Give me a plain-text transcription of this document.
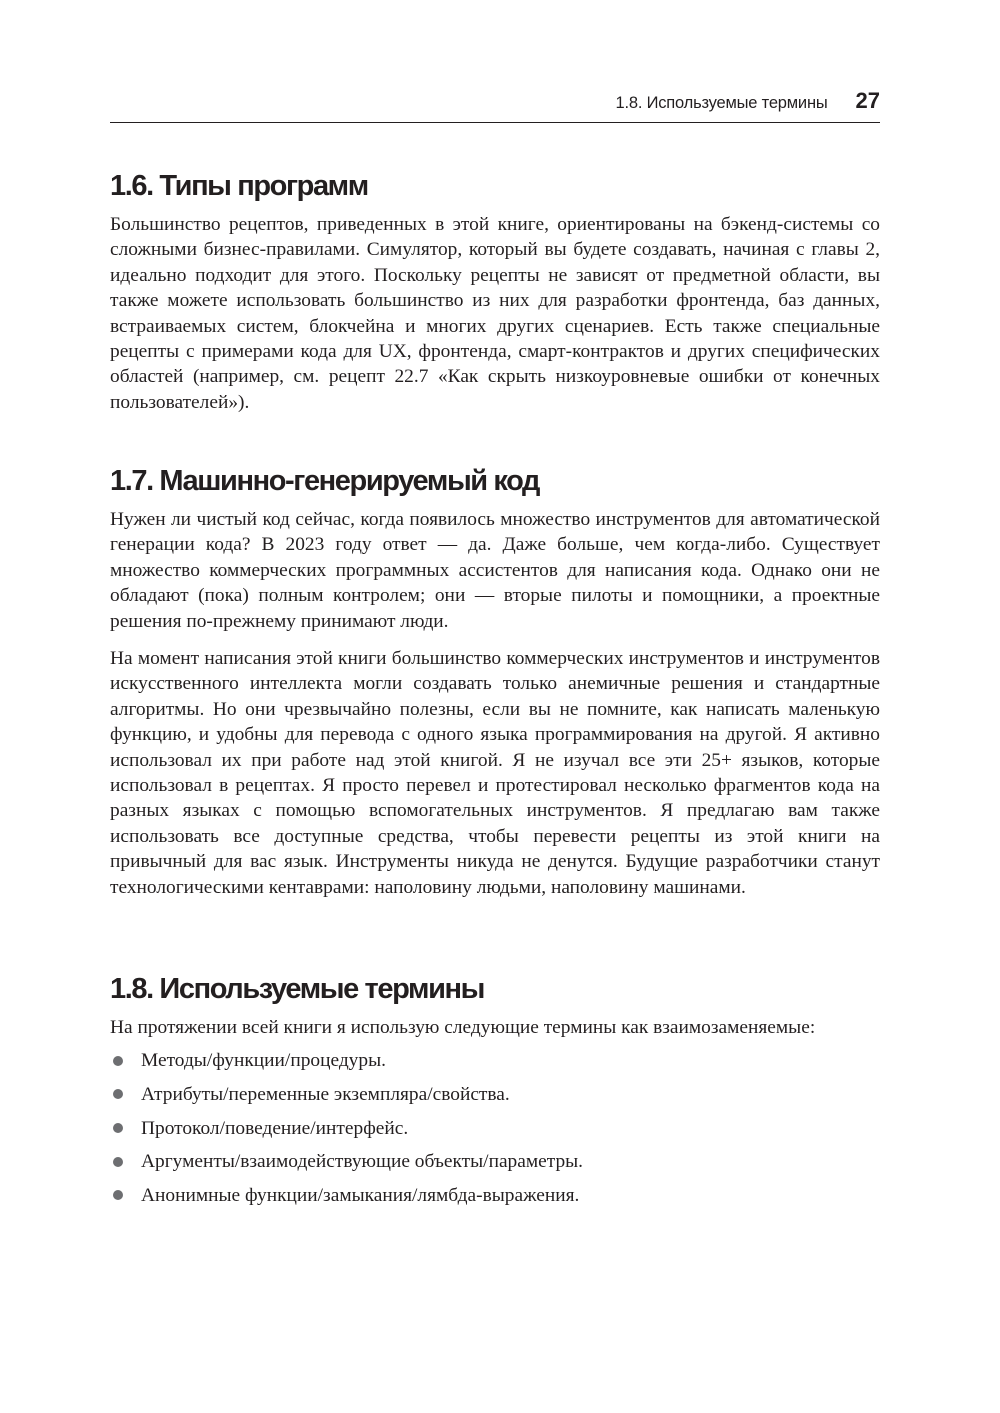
1.8. Используемые термины 27
1.6. Типы программ

Большинство рецептов, приведенных в этой книге, ориентированы на бэкенд-системы со сложными бизнес-правилами. Симулятор, который вы будете создавать, начиная с главы 2, идеально подходит для этого. Поскольку рецепты не зависят от предметной области, вы также можете использовать большинство из них для разработки фронтенда, баз данных, встраиваемых систем, блокчейна и многих других сценариев. Есть также специальные рецепты с примерами кода для UX, фронтенда, смарт-контрактов и других специфических областей (например, см. рецепт 22.7 «Как скрыть низкоуровневые ошибки от конечных пользователей»).

1.7. Машинно-генерируемый код

Нужен ли чистый код сейчас, когда появилось множество инструментов для автоматической генерации кода? В 2023 году ответ — да. Даже больше, чем когда-либо. Существует множество коммерческих программных ассистентов для написания кода. Однако они не обладают (пока) полным контролем; они — вторые пилоты и помощники, а проектные решения по-прежнему принимают люди.

На момент написания этой книги большинство коммерческих инструментов и инструментов искусственного интеллекта могли создавать только анемичные решения и стандартные алгоритмы. Но они чрезвычайно полезны, если вы не помните, как написать маленькую функцию, и удобны для перевода с одного языка программирования на другой. Я активно использовал их при работе над этой книгой. Я не изучал все эти 25+ языков, которые использовал в рецептах. Я просто перевел и протестировал несколько фрагментов кода на разных языках с помощью вспомогательных инструментов. Я предлагаю вам также использовать все доступные средства, чтобы перевести рецепты из этой книги на привычный для вас язык. Инструменты никуда не денутся. Будущие разработчики станут технологическими кентаврами: наполовину людьми, наполовину машинами.

1.8. Используемые термины

На протяжении всей книги я использую следующие термины как взаимозаменяемые:

Методы/функции/процедуры.
Атрибуты/переменные экземпляра/свойства.
Протокол/поведение/интерфейс.
Аргументы/взаимодействующие объекты/параметры.
Анонимные функции/замыкания/лямбда-выражения.
